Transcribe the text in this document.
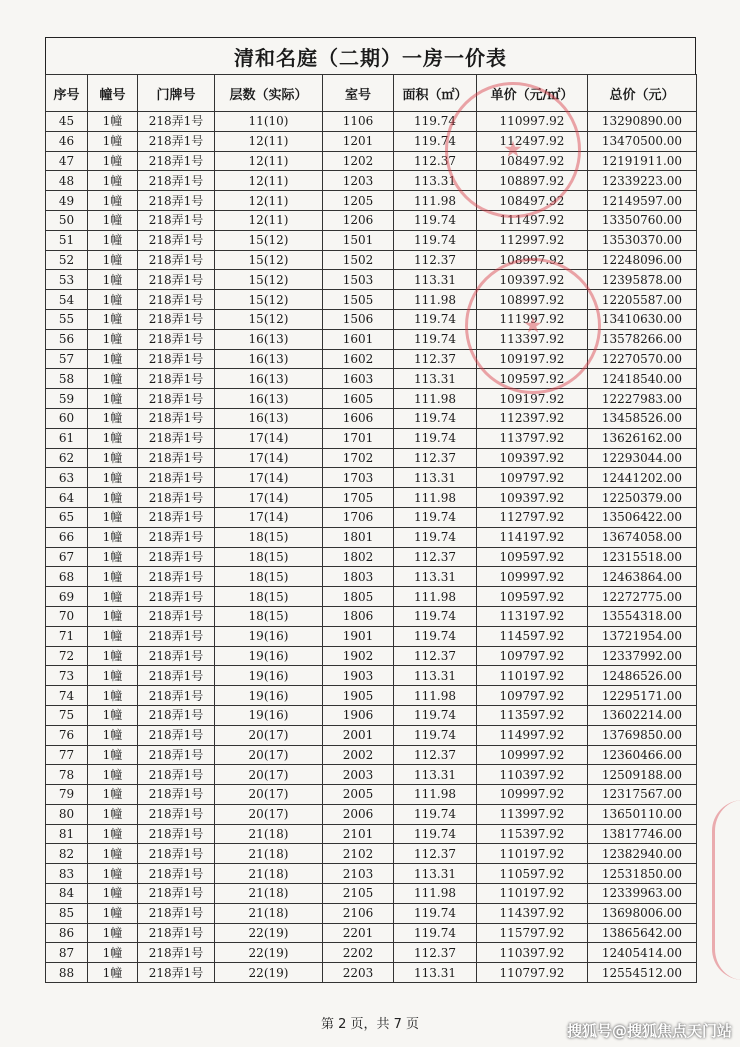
清和名庭（二期）一房一价表
序号	幢号	门牌号	层数（实际）	室号	面积（㎡）	单价（元/㎡）	总价（元）
45	1幢	218弄1号	11(10)	1106	119.74	110997.92	13290890.00
46	1幢	218弄1号	12(11)	1201	119.74	112497.92	13470500.00
47	1幢	218弄1号	12(11)	1202	112.37	108497.92	12191911.00
48	1幢	218弄1号	12(11)	1203	113.31	108897.92	12339223.00
49	1幢	218弄1号	12(11)	1205	111.98	108497.92	12149597.00
50	1幢	218弄1号	12(11)	1206	119.74	111497.92	13350760.00
51	1幢	218弄1号	15(12)	1501	119.74	112997.92	13530370.00
52	1幢	218弄1号	15(12)	1502	112.37	108997.92	12248096.00
53	1幢	218弄1号	15(12)	1503	113.31	109397.92	12395878.00
54	1幢	218弄1号	15(12)	1505	111.98	108997.92	12205587.00
55	1幢	218弄1号	15(12)	1506	119.74	111997.92	13410630.00
56	1幢	218弄1号	16(13)	1601	119.74	113397.92	13578266.00
57	1幢	218弄1号	16(13)	1602	112.37	109197.92	12270570.00
58	1幢	218弄1号	16(13)	1603	113.31	109597.92	12418540.00
59	1幢	218弄1号	16(13)	1605	111.98	109197.92	12227983.00
60	1幢	218弄1号	16(13)	1606	119.74	112397.92	13458526.00
61	1幢	218弄1号	17(14)	1701	119.74	113797.92	13626162.00
62	1幢	218弄1号	17(14)	1702	112.37	109397.92	12293044.00
63	1幢	218弄1号	17(14)	1703	113.31	109797.92	12441202.00
64	1幢	218弄1号	17(14)	1705	111.98	109397.92	12250379.00
65	1幢	218弄1号	17(14)	1706	119.74	112797.92	13506422.00
66	1幢	218弄1号	18(15)	1801	119.74	114197.92	13674058.00
67	1幢	218弄1号	18(15)	1802	112.37	109597.92	12315518.00
68	1幢	218弄1号	18(15)	1803	113.31	109997.92	12463864.00
69	1幢	218弄1号	18(15)	1805	111.98	109597.92	12272775.00
70	1幢	218弄1号	18(15)	1806	119.74	113197.92	13554318.00
71	1幢	218弄1号	19(16)	1901	119.74	114597.92	13721954.00
72	1幢	218弄1号	19(16)	1902	112.37	109797.92	12337992.00
73	1幢	218弄1号	19(16)	1903	113.31	110197.92	12486526.00
74	1幢	218弄1号	19(16)	1905	111.98	109797.92	12295171.00
75	1幢	218弄1号	19(16)	1906	119.74	113597.92	13602214.00
76	1幢	218弄1号	20(17)	2001	119.74	114997.92	13769850.00
77	1幢	218弄1号	20(17)	2002	112.37	109997.92	12360466.00
78	1幢	218弄1号	20(17)	2003	113.31	110397.92	12509188.00
79	1幢	218弄1号	20(17)	2005	111.98	109997.92	12317567.00
80	1幢	218弄1号	20(17)	2006	119.74	113997.92	13650110.00
81	1幢	218弄1号	21(18)	2101	119.74	115397.92	13817746.00
82	1幢	218弄1号	21(18)	2102	112.37	110197.92	12382940.00
83	1幢	218弄1号	21(18)	2103	113.31	110597.92	12531850.00
84	1幢	218弄1号	21(18)	2105	111.98	110197.92	12339963.00
85	1幢	218弄1号	21(18)	2106	119.74	114397.92	13698006.00
86	1幢	218弄1号	22(19)	2201	119.74	115797.92	13865642.00
87	1幢	218弄1号	22(19)	2202	112.37	110397.92	12405414.00
88	1幢	218弄1号	22(19)	2203	113.31	110797.92	12554512.00
★
★
第 2 页，共 7 页	搜狐号@搜狐焦点天门站
